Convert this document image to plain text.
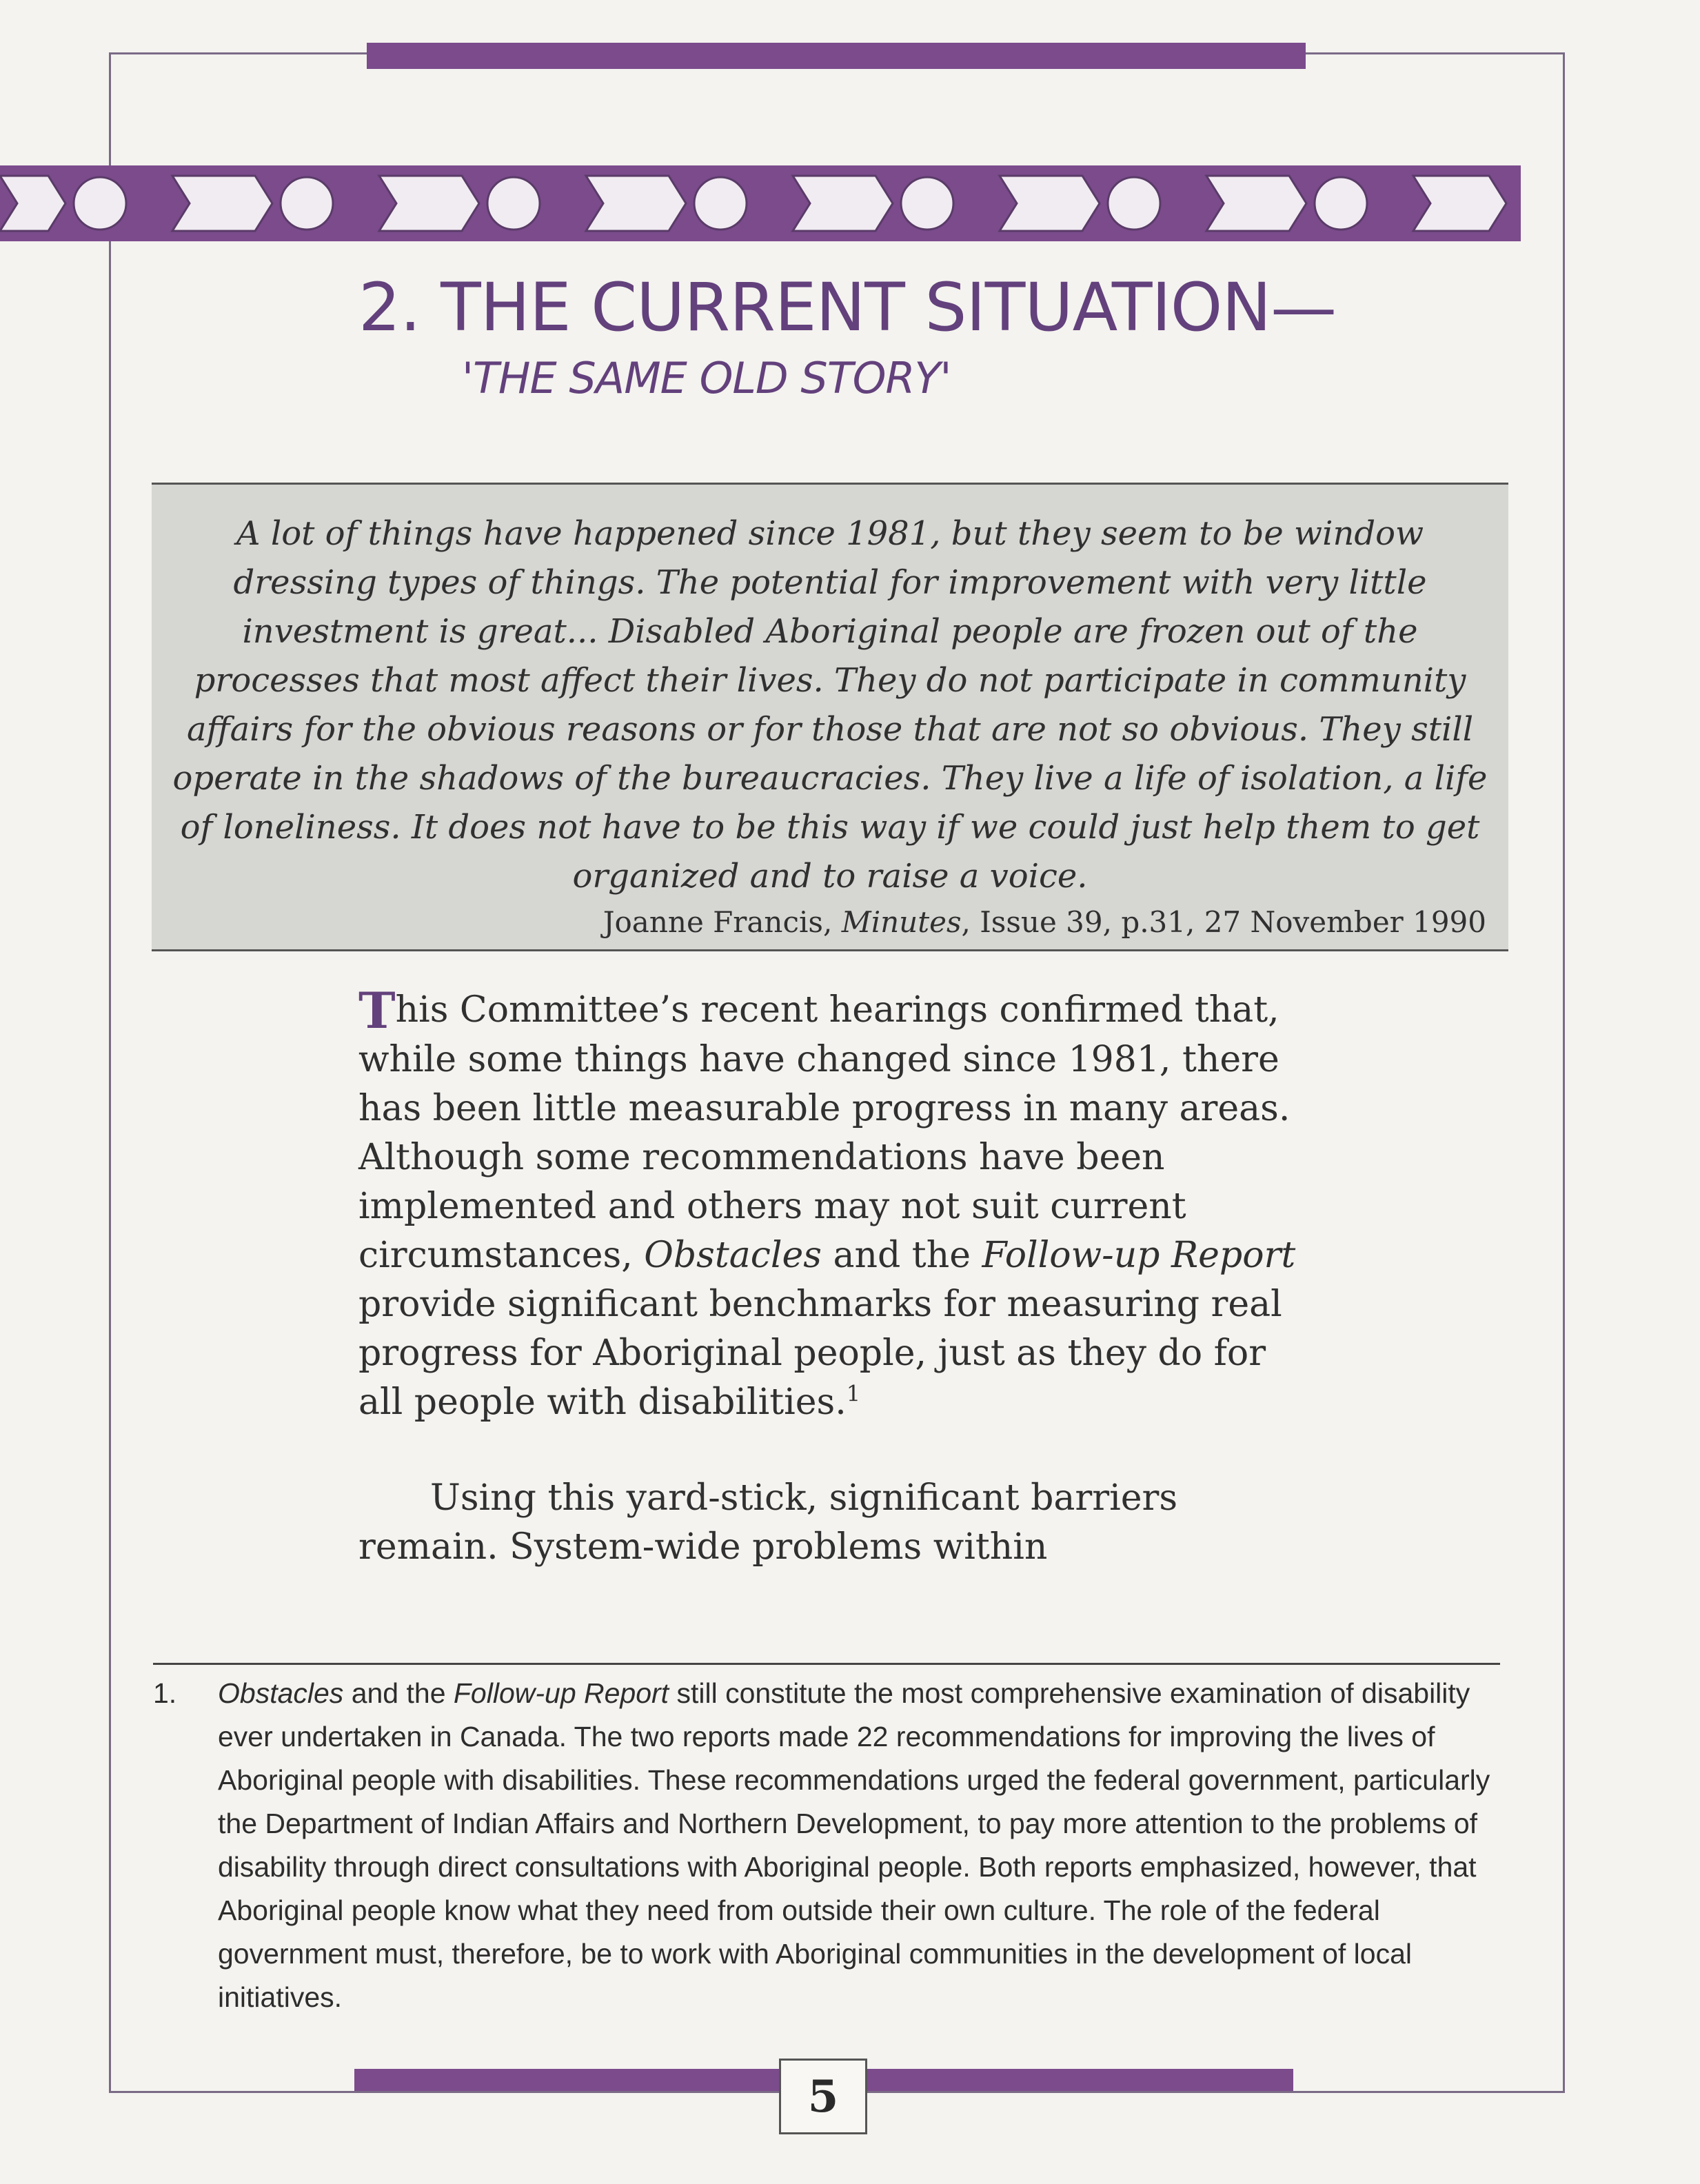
2. THE CURRENT SITUATION—
'THE SAME OLD STORY'

A lot of things have happened since 1981, but they seem to be window dressing types of things. The potential for improvement with very little investment is great... Disabled Aboriginal people are frozen out of the processes that most affect their lives. They do not participate in community affairs for the obvious reasons or for those that are not so obvious. They still operate in the shadows of the bureaucracies. They live a life of isolation, a life of loneliness. It does not have to be this way if we could just help them to get organized and to raise a voice.

Joanne Francis, Minutes, Issue 39, p.31, 27 November 1990

This Committee’s recent hearings confirmed that, while some things have changed since 1981, there has been little measurable progress in many areas. Although some recommendations have been implemented and others may not suit current circumstances, Obstacles and the Follow-up Report provide significant benchmarks for measuring real progress for Aboriginal people, just as they do for all people with disabilities.$^1$

Using this yard-stick, significant barriers remain. System-wide problems within

1. Obstacles and the Follow-up Report still constitute the most comprehensive examination of disability ever undertaken in Canada. The two reports made 22 recommendations for improving the lives of Aboriginal people with disabilities. These recommendations urged the federal government, particularly the Department of Indian Affairs and Northern Development, to pay more attention to the problems of disability through direct consultations with Aboriginal people. Both reports emphasized, however, that Aboriginal people know what they need from outside their own culture. The role of the federal government must, therefore, be to work with Aboriginal communities in the development of local initiatives.
5
